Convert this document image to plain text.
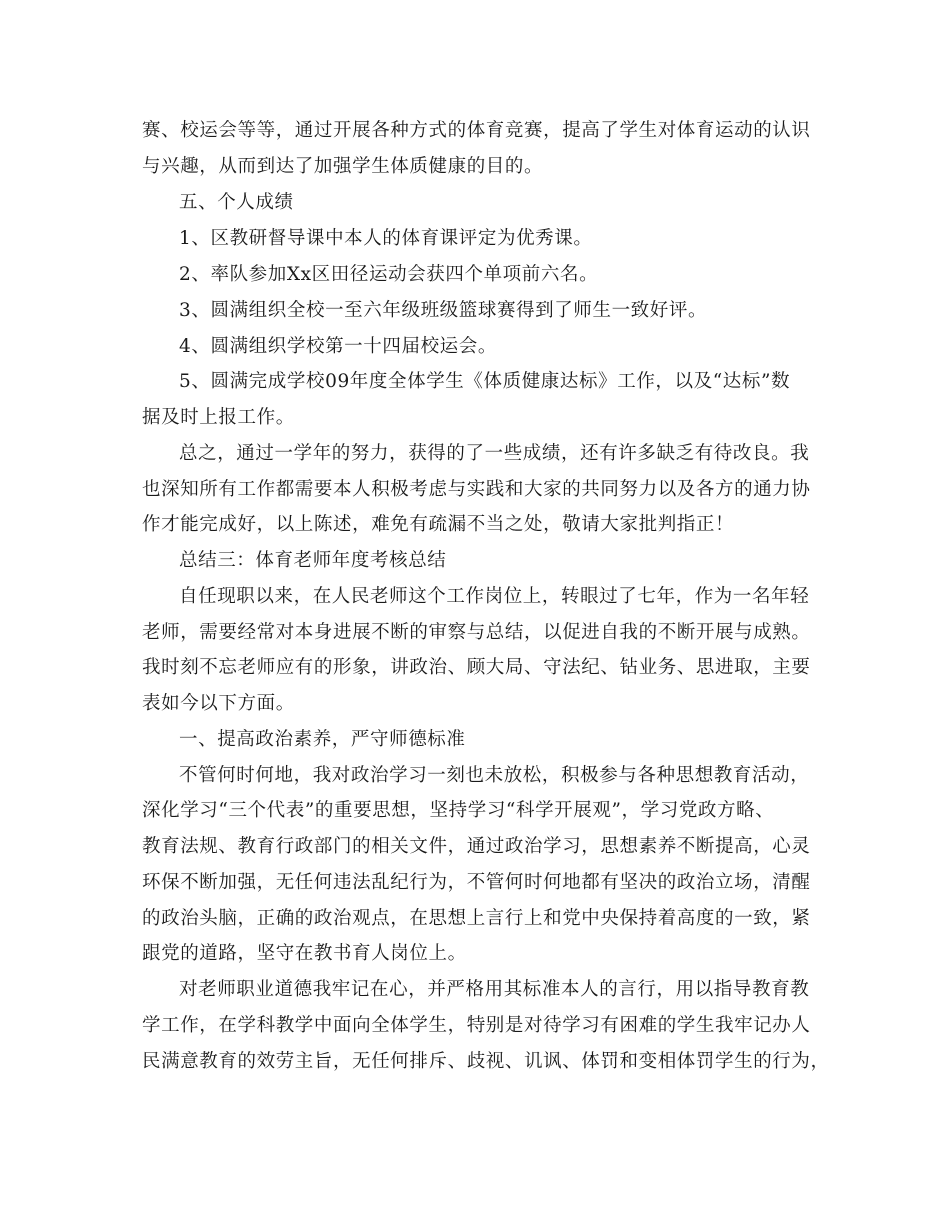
赛、校运会等等，通过开展各种方式的体育竞赛，提高了学生对体育运动的认识
与兴趣，从而到达了加强学生体质健康的目的。
五、个人成绩
1、区教研督导课中本人的体育课评定为优秀课。
2、率队参加Xx区田径运动会获四个单项前六名。
3、圆满组织全校一至六年级班级篮球赛得到了师生一致好评。
4、圆满组织学校第一十四届校运会。
5、圆满完成学校09年度全体学生《体质健康达标》工作，以及“达标”数
据及时上报工作。
总之，通过一学年的努力，获得的了一些成绩，还有许多缺乏有待改良。我
也深知所有工作都需要本人积极考虑与实践和大家的共同努力以及各方的通力协
作才能完成好，以上陈述，难免有疏漏不当之处，敬请大家批判指正！
总结三：体育老师年度考核总结
自任现职以来，在人民老师这个工作岗位上，转眼过了七年，作为一名年轻
老师，需要经常对本身进展不断的审察与总结，以促进自我的不断开展与成熟。
我时刻不忘老师应有的形象，讲政治、顾大局、守法纪、钻业务、思进取，主要
表如今以下方面。
一、提高政治素养，严守师德标准
不管何时何地，我对政治学习一刻也未放松，积极参与各种思想教育活动，
深化学习“三个代表”的重要思想，坚持学习“科学开展观”，学习党政方略、
教育法规、教育行政部门的相关文件，通过政治学习，思想素养不断提高，心灵
环保不断加强，无任何违法乱纪行为，不管何时何地都有坚决的政治立场，清醒
的政治头脑，正确的政治观点，在思想上言行上和党中央保持着高度的一致，紧
跟党的道路，坚守在教书育人岗位上。
对老师职业道德我牢记在心，并严格用其标准本人的言行，用以指导教育教
学工作，在学科教学中面向全体学生，特别是对待学习有困难的学生我牢记办人
民满意教育的效劳主旨，无任何排斥、歧视、讥讽、体罚和变相体罚学生的行为，
